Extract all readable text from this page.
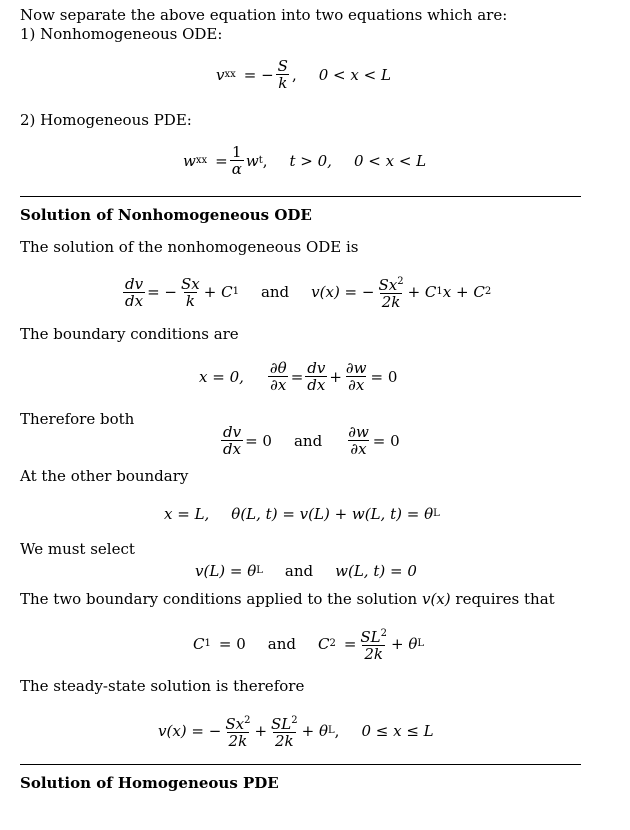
Now separate the above equation into two equations which are:
1) Nonhomogeneous ODE:
v xx = − $\frac{S}{k}$ , 0 < x < L
2) Homogeneous PDE:
w xx = $\frac{1}{\alpha}$ w t , t > 0, 0 < x < L
Solution of Nonhomogeneous ODE
The solution of the nonhomogeneous ODE is
$\frac{dv}{dx}$ = − $\frac{Sx}{k} + C$ 1 and v(x) = − $\frac{Sx^2}{2k} + C$ 1 x + C 2
The boundary conditions are
x = 0, $\frac{\partial\theta}{\partial x} = \frac{dv}{dx} + \frac{\partial w}{\partial x} = 0$
Therefore both
$\frac{dv}{dx} = 0$ and $\frac{\partial w}{\partial x} = 0$
At the other boundary
x = L, θ(L, t) = v(L) + w(L, t) = θ L
We must select
v(L) = θ L and w(L, t) = 0
The two boundary conditions applied to the solution v(x) requires that
C 1 = 0 and C $2 = \frac{SL^2}{2k} + \theta$ L
The steady-state solution is therefore
v(x) = − $\frac{Sx^2}{2k} + \frac{SL^2}{2k} + \theta$ L , 0 ≤ x ≤ L
Solution of Homogeneous PDE
